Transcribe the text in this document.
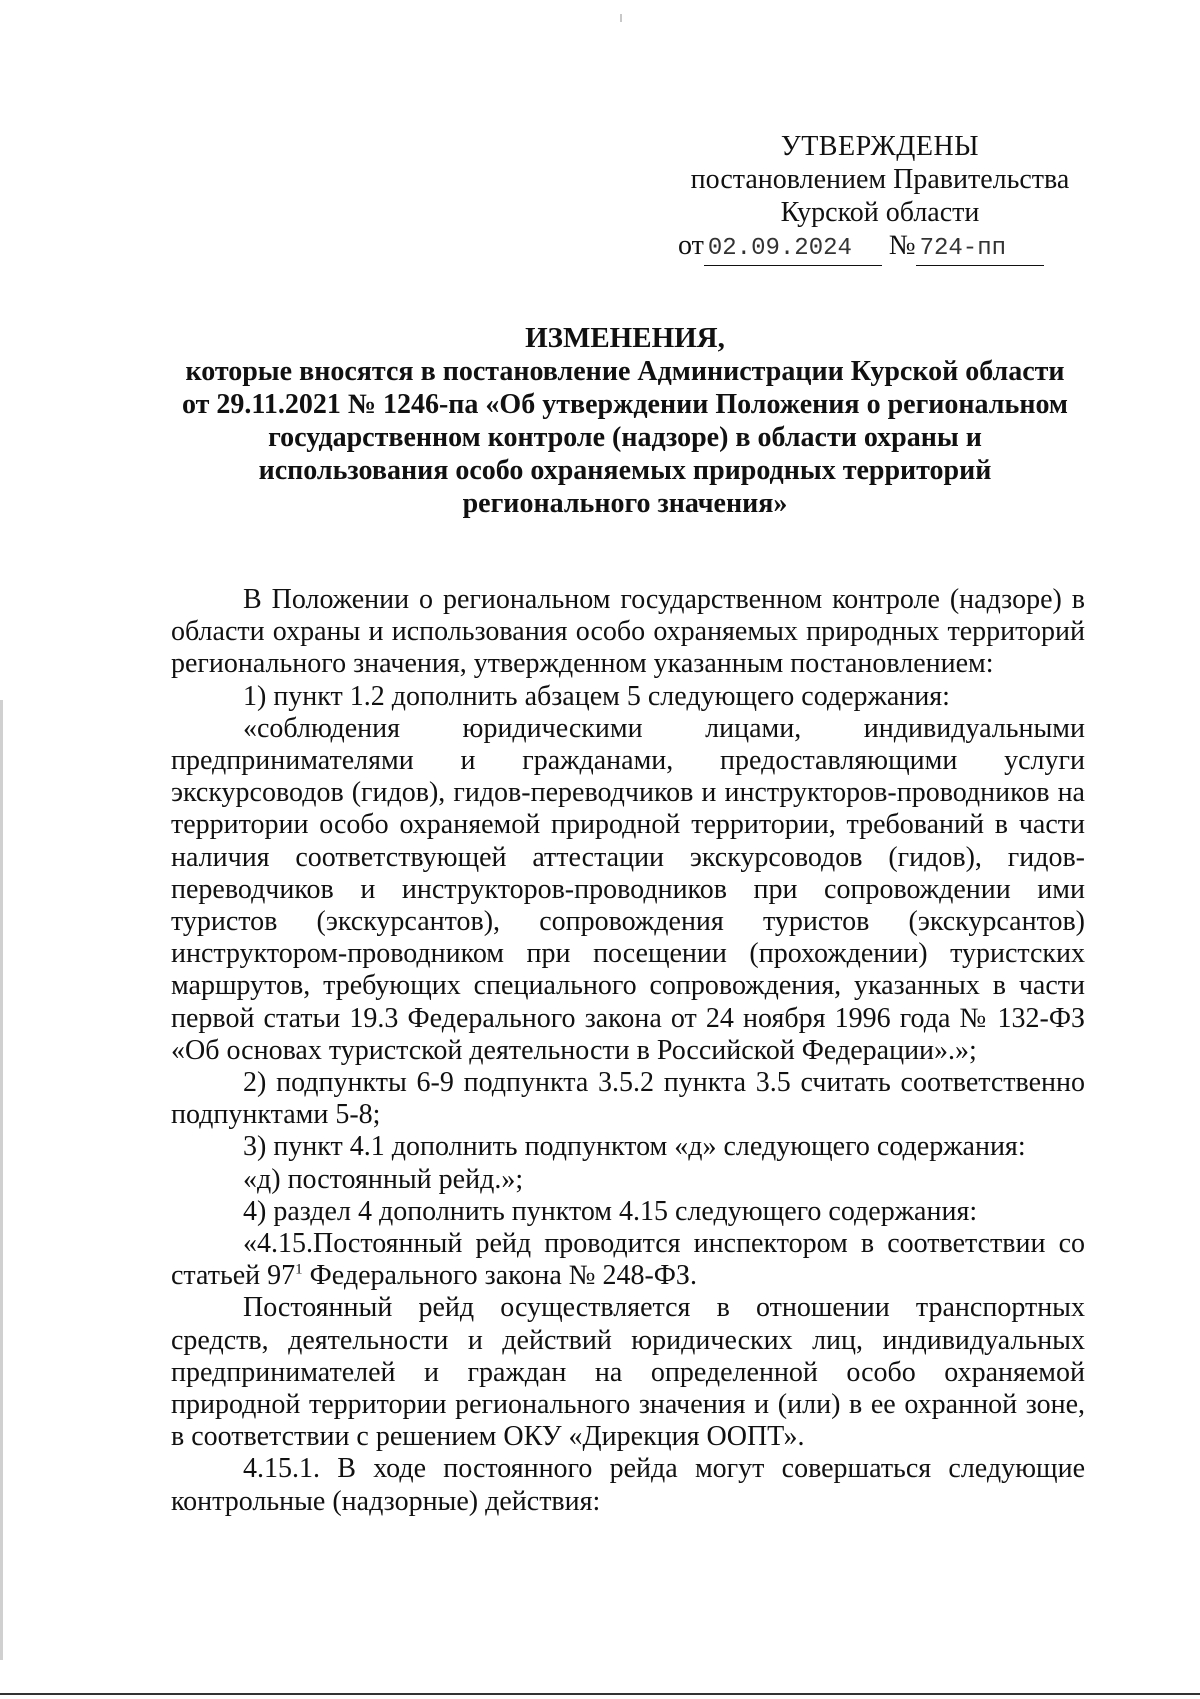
УТВЕРЖДЕНЫ
постановлением Правительства
Курской области
от 02.09.2024 № 724-пп
ИЗМЕНЕНИЯ,
которые вносятся в постановление Администрации Курской области от 29.11.2021 № 1246-па «Об утверждении Положения о региональном государственном контроле (надзоре) в области охраны и использования особо охраняемых природных территорий регионального значения»

В Положении о региональном государственном контроле (надзоре) в области охраны и использования особо охраняемых природных территорий регионального значения, утвержденном указанным постановлением:

1) пункт 1.2 дополнить абзацем 5 следующего содержания:

«соблюдения юридическими лицами, индивидуальными предпринимателями и гражданами, предоставляющими услуги экскурсоводов (гидов), гидов-переводчиков и инструкторов-проводников на территории особо охраняемой природной территории, требований в части наличия соответствующей аттестации экскурсоводов (гидов), гидов-переводчиков и инструкторов-проводников при сопровождении ими туристов (экскурсантов), сопровождения туристов (экскурсантов) инструктором-проводником при посещении (прохождении) туристских маршрутов, требующих специального сопровождения, указанных в части первой статьи 19.3 Федерального закона от 24 ноября 1996 года № 132-ФЗ «Об основах туристской деятельности в Российской Федерации».»;

2) подпункты 6-9 подпункта 3.5.2 пункта 3.5 считать соответственно подпунктами 5-8;

3) пункт 4.1 дополнить подпунктом «д» следующего содержания:

«д) постоянный рейд.»;

4) раздел 4 дополнить пунктом 4.15 следующего содержания:

«4.15.Постоянный рейд проводится инспектором в соответствии со статьей $97^1$ Федерального закона № 248-ФЗ.

Постоянный рейд осуществляется в отношении транспортных средств, деятельности и действий юридических лиц, индивидуальных предпринимателей и граждан на определенной особо охраняемой природной территории регионального значения и (или) в ее охранной зоне, в соответствии с решением ОКУ «Дирекция ООПТ».

4.15.1. В ходе постоянного рейда могут совершаться следующие контрольные (надзорные) действия:
